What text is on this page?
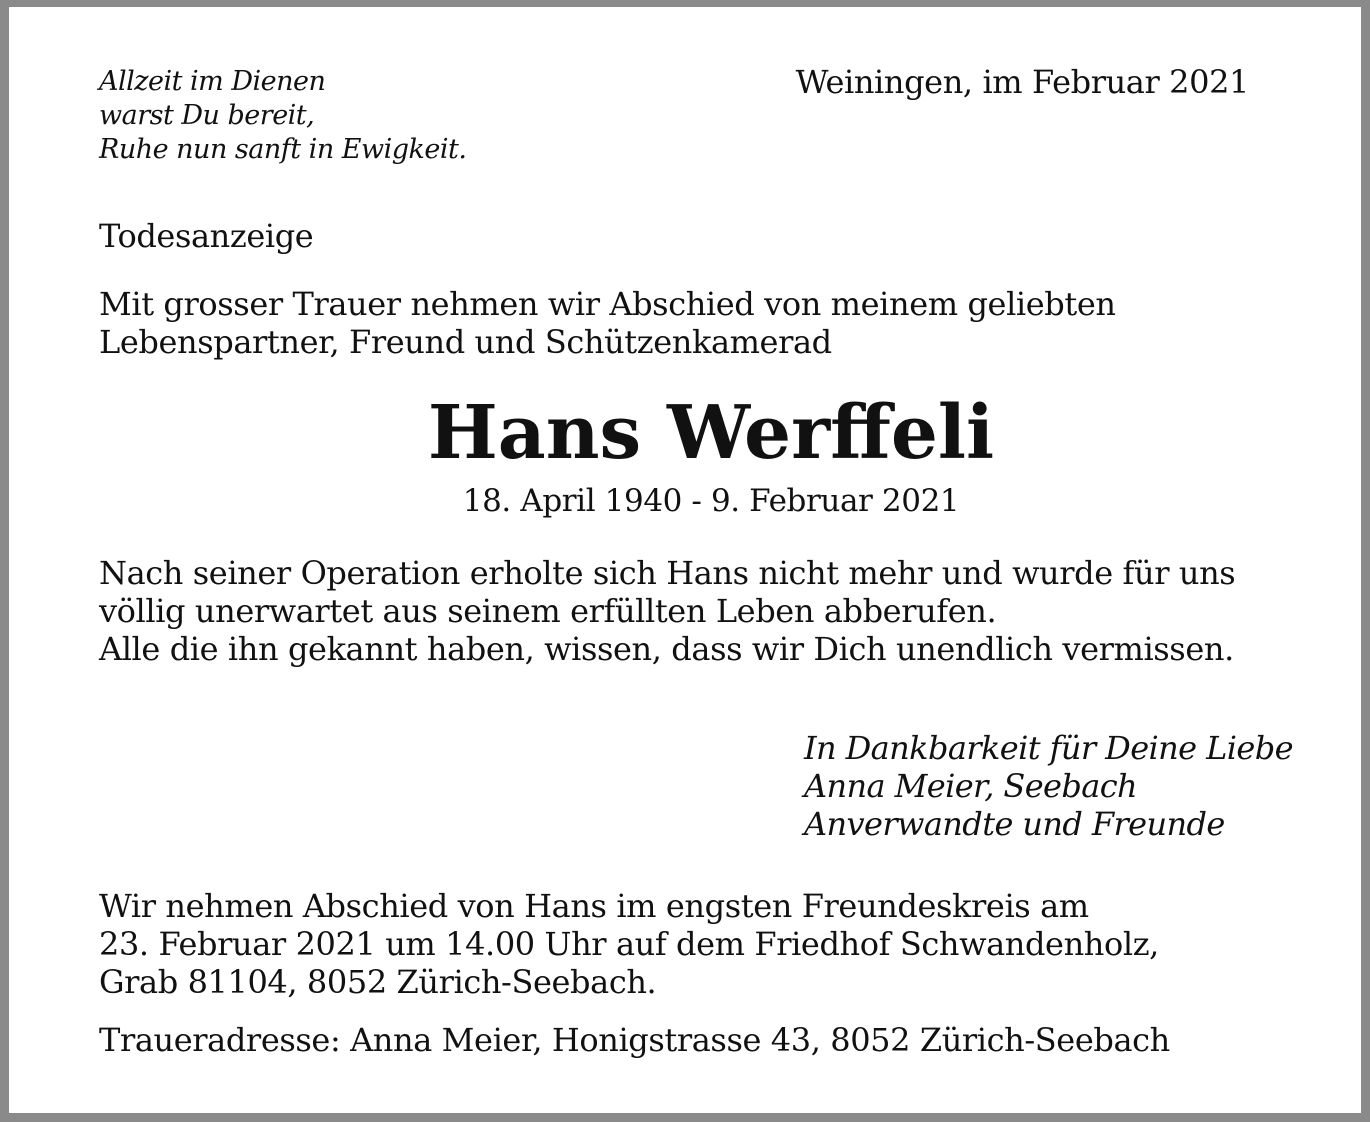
Allzeit im Dienen
warst Du bereit,
Ruhe nun sanft in Ewigkeit.
Weiningen, im Februar 2021
Todesanzeige
Mit grosser Trauer nehmen wir Abschied von meinem geliebten
Lebenspartner, Freund und Schützenkamerad
Hans Werffeli
18. April 1940 - 9. Februar 2021
Nach seiner Operation erholte sich Hans nicht mehr und wurde für uns
völlig unerwartet aus seinem erfüllten Leben abberufen.
Alle die ihn gekannt haben, wissen, dass wir Dich unendlich vermissen.
In Dankbarkeit für Deine Liebe
Anna Meier, Seebach
Anverwandte und Freunde
Wir nehmen Abschied von Hans im engsten Freundeskreis am
23. Februar 2021 um 14.00 Uhr auf dem Friedhof Schwandenholz,
Grab 81104, 8052 Zürich-Seebach.
Traueradresse: Anna Meier, Honigstrasse 43, 8052 Zürich-Seebach
